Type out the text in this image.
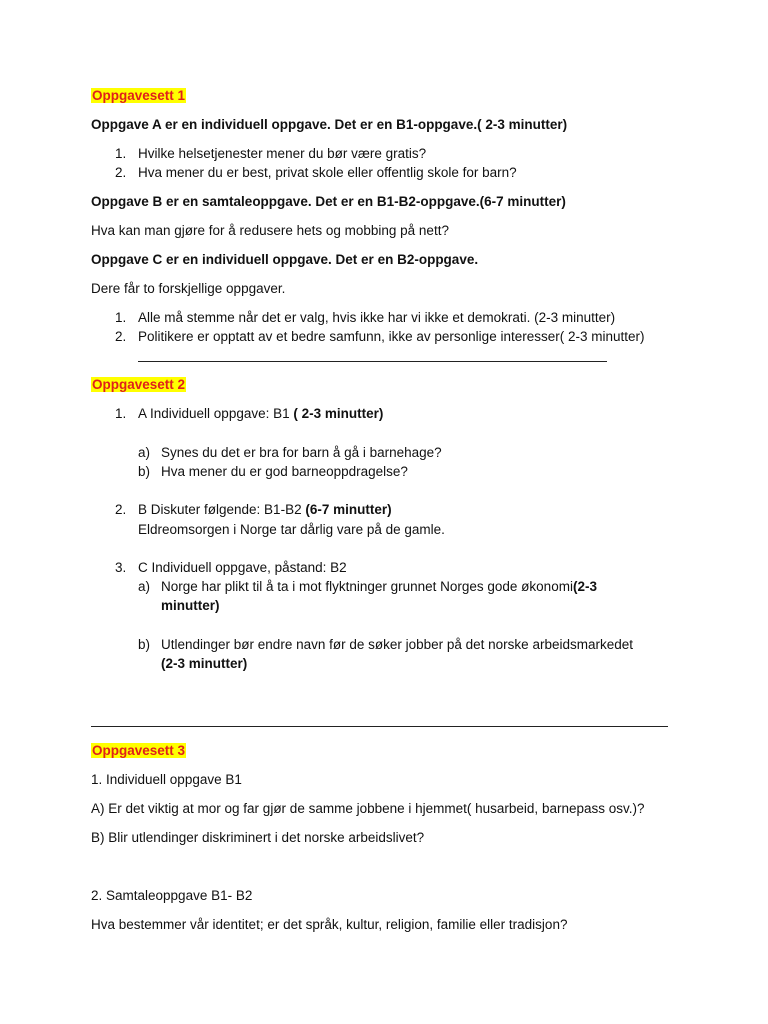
Oppgavesett 1
Oppgave A er en individuell oppgave. Det er en B1-oppgave.( 2-3 minutter)
1. Hvilke helsetjenester mener du bør være gratis?
2. Hva mener du er best, privat skole eller offentlig skole for barn?
Oppgave B er en samtaleoppgave. Det er en B1-B2-oppgave.(6-7 minutter)
Hva kan man gjøre for å redusere hets og mobbing på nett?
Oppgave C er en individuell oppgave. Det er en B2-oppgave.
Dere får to forskjellige oppgaver.
1. Alle må stemme når det er valg, hvis ikke har vi ikke et demokrati. (2-3 minutter)
2. Politikere er opptatt av et bedre samfunn, ikke av personlige interesser( 2-3 minutter)
Oppgavesett 2
1. A Individuell oppgave: B1 ( 2-3 minutter)
a) Synes du det er bra for barn å gå i barnehage?
b) Hva mener du er god barneoppdragelse?
2. B Diskuter følgende: B1-B2 (6-7 minutter)
Eldreomsorgen i Norge tar dårlig vare på de gamle.
3. C Individuell oppgave, påstand: B2
a) Norge har plikt til å ta i mot flyktninger grunnet Norges gode økonomi(2-3
minutter)
b) Utlendinger bør endre navn før de søker jobber på det norske arbeidsmarkedet
(2-3 minutter)
Oppgavesett 3
1. Individuell oppgave B1
A) Er det viktig at mor og far gjør de samme jobbene i hjemmet( husarbeid, barnepass osv.)?
B) Blir utlendinger diskriminert i det norske arbeidslivet?
2. Samtaleoppgave B1- B2
Hva bestemmer vår identitet; er det språk, kultur, religion, familie eller tradisjon?
